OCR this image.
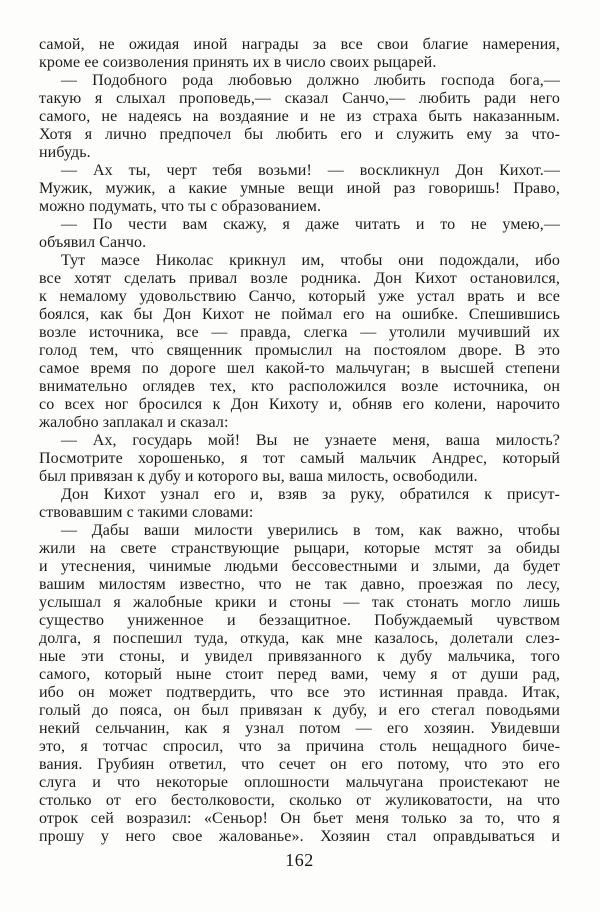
самой, не ожидая иной награды за все свои благие намерения,
кроме ее соизволения принять их в число своих рыцарей.
— Подобного рода любовью должно любить господа бога,—
такую я слыхал проповедь,— сказал Санчо,— любить ради него
самого, не надеясь на воздаяние и не из страха быть наказанным.
Хотя я лично предпочел бы любить его и служить ему за что-
нибудь.
— Ах ты, черт тебя возьми! — воскликнул Дон Кихот.—
Мужик, мужик, а какие умные вещи иной раз говоришь! Право,
можно подумать, что ты с образованием.
— По чести вам скажу, я даже читать и то не умею,—
объявил Санчо.
Тут маэсе Николас крикнул им, чтобы они подождали, ибо
все хотят сделать привал возле родника. Дон Кихот остановился,
к немалому удовольствию Санчо, который уже устал врать и все
боялся, как бы Дон Кихот не поймал его на ошибке. Спешившись
возле источника, все — правда, слегка — утолили мучивший их
голод тем, что́ священник промыслил на постоялом дворе. В это
самое время по дороге шел какой-то мальчуган; в высшей степени
внимательно оглядев тех, кто расположился возле источника, он
со всех ног бросился к Дон Кихоту и, обняв его колени, нарочито
жалобно заплакал и сказал:
— Ах, государь мой! Вы не узнаете меня, ваша милость?
Посмотрите хорошенько, я тот самый мальчик Андрес, который
был привязан к дубу и которого вы, ваша милость, освободили.
Дон Кихот узнал его и, взяв за руку, обратился к присут-
ствовавшим с такими словами:
— Дабы ваши милости уверились в том, как важно, чтобы
жили на свете странствующие рыцари, которые мстят за обиды
и утеснения, чинимые людьми бессовестными и злыми, да будет
вашим милостям известно, что не так давно, проезжая по лесу,
услышал я жалобные крики и стоны — так стонать могло лишь
существо униженное и беззащитное. Побуждаемый чувством
долга, я поспешил туда, откуда, как мне казалось, долетали слез-
ные эти стоны, и увидел привязанного к дубу мальчика, того
самого, который ныне стоит перед вами, чему я от души рад,
ибо он может подтвердить, что все это истинная правда. Итак,
голый до пояса, он был привязан к дубу, и его стегал поводьями
некий сельчанин, как я узнал потом — его хозяин. Увидевши
это, я тотчас спросил, что за причина столь нещадного биче-
вания. Грубиян ответил, что сечет он его потому, что это его
слуга и что некоторые оплошности мальчугана проистекают не
столько от его бестолковости, сколько от жуликоватости, на что
отрок сей возразил: «Сеньор! Он бьет меня только за то, что я
прошу у него свое жалованье». Хозяин стал оправдываться и
162
